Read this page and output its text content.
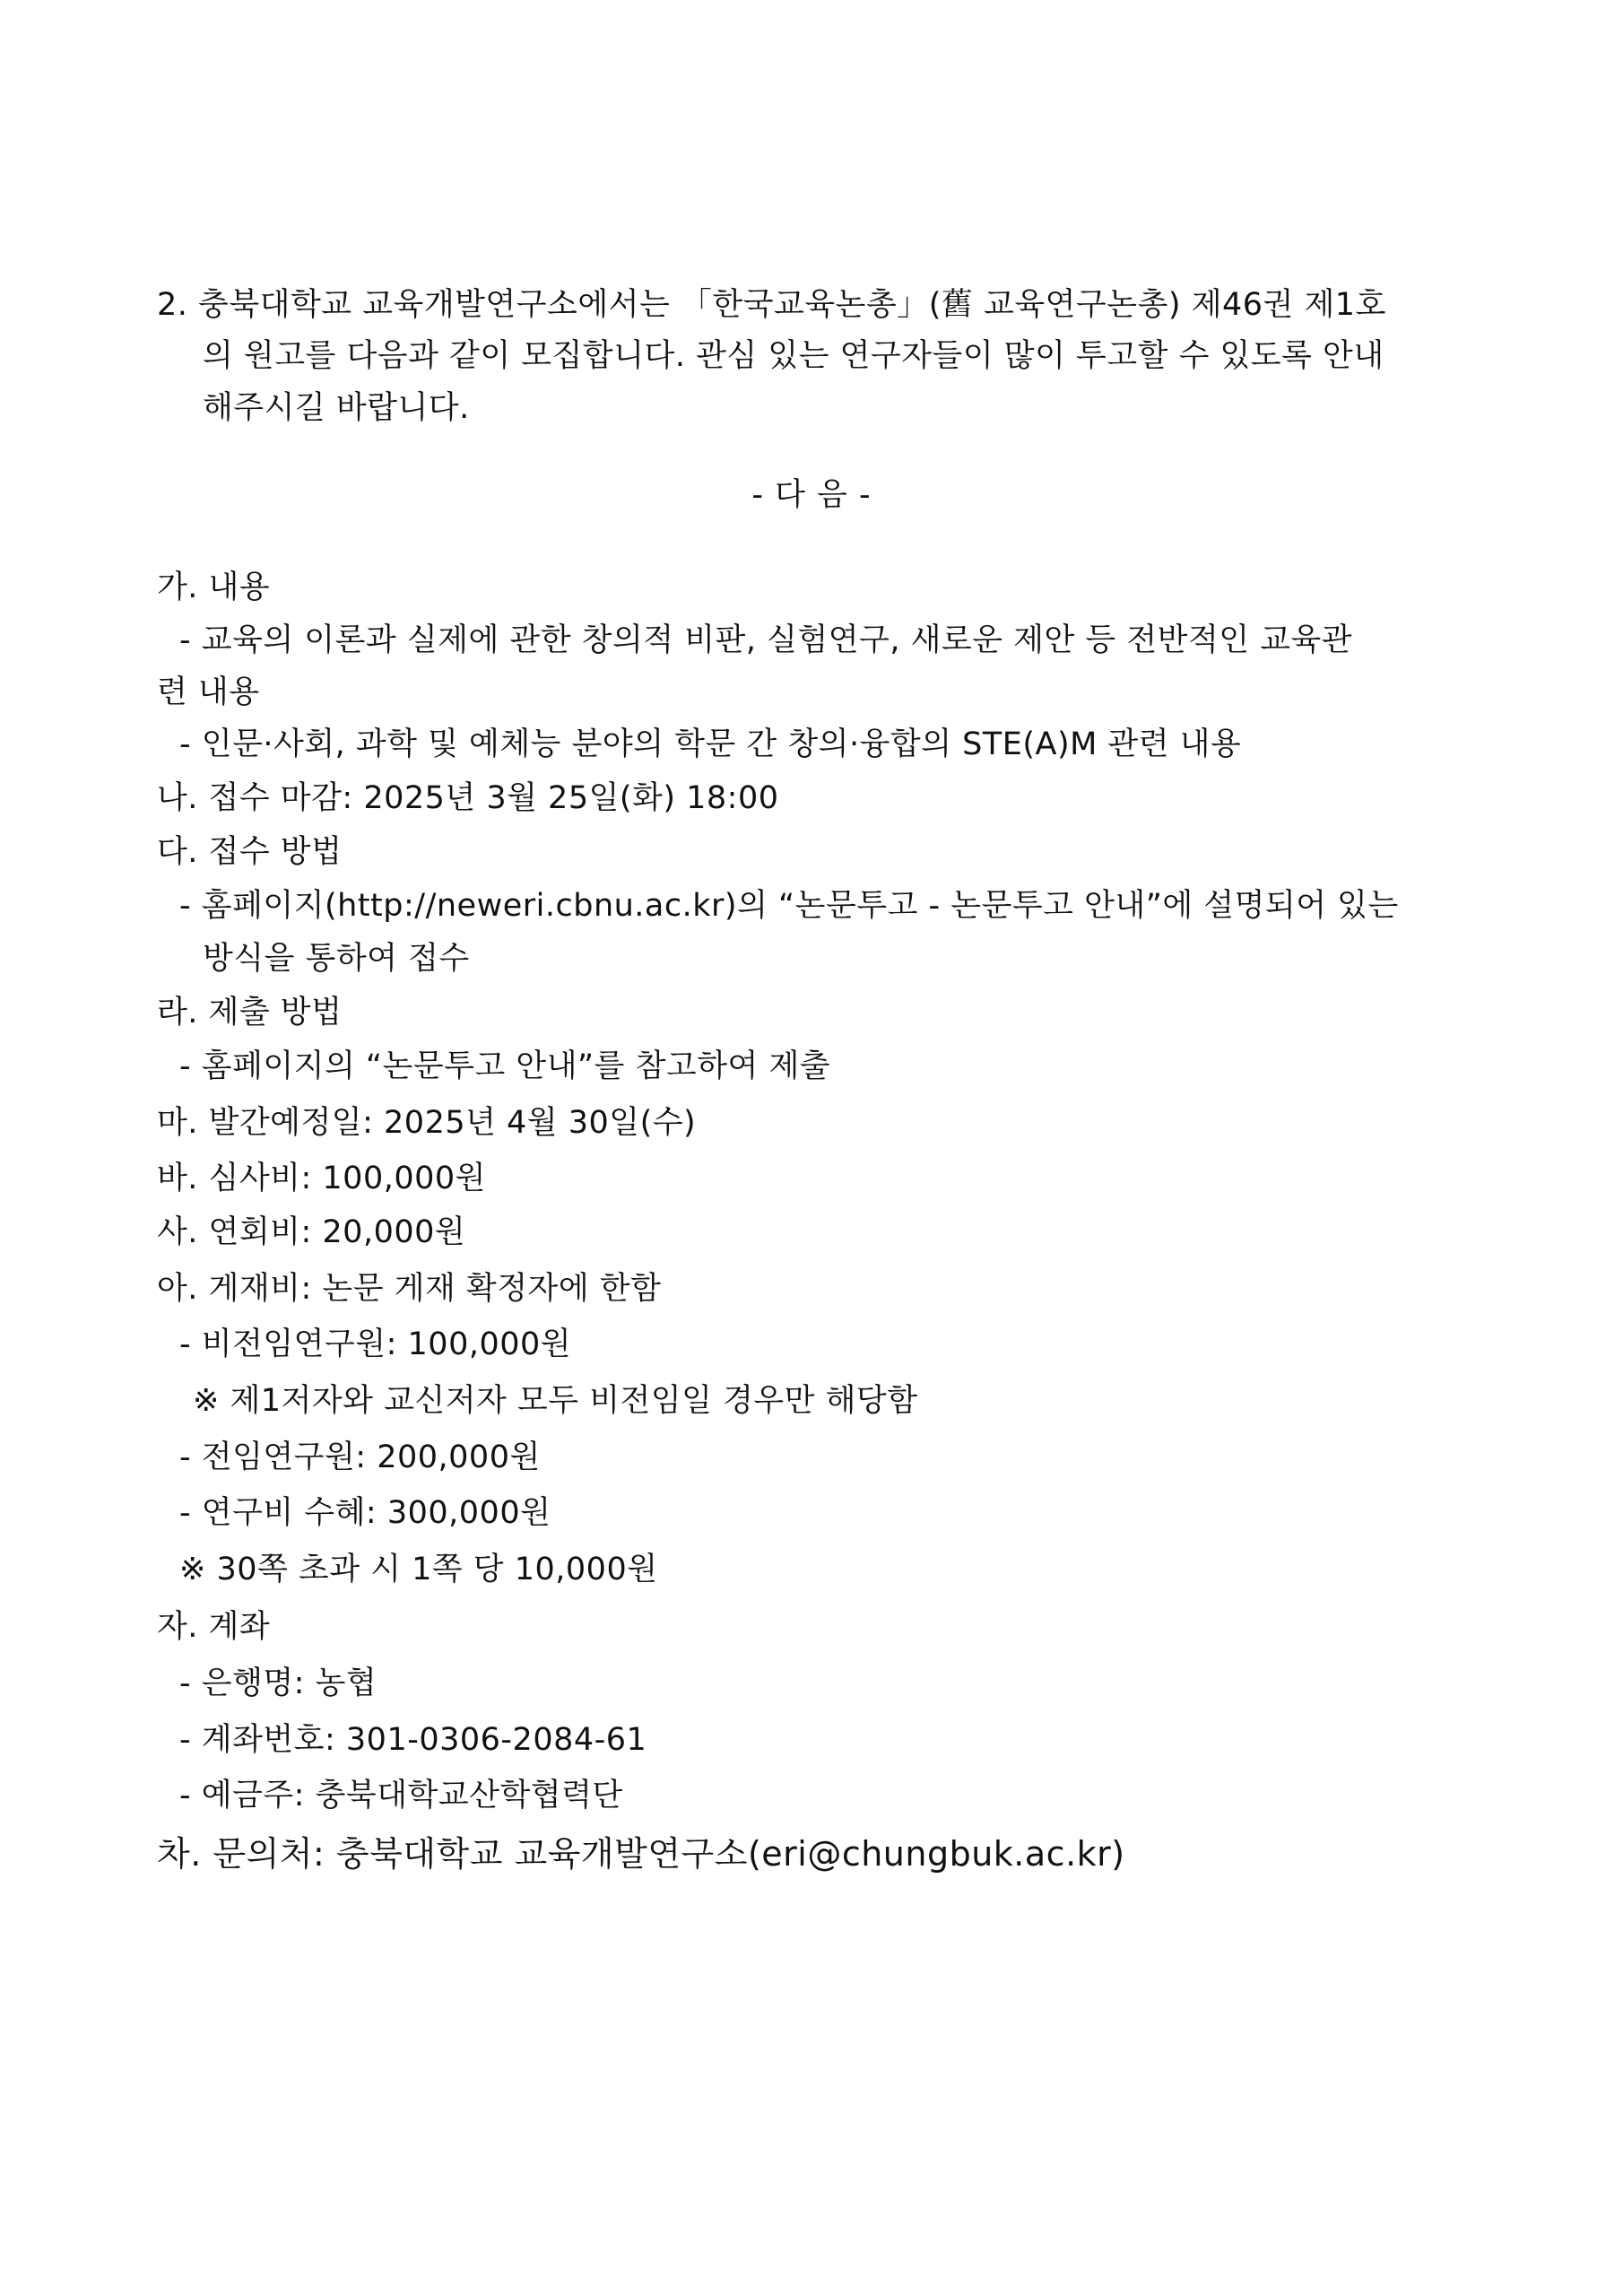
2. 충북대학교 교육개발연구소에서는 「한국교육논총」(舊 교육연구논총) 제46권 제1호
의 원고를 다음과 같이 모집합니다. 관심 있는 연구자들이 많이 투고할 수 있도록 안내
해주시길 바랍니다.
- 다 음 -
가. 내용
- 교육의 이론과 실제에 관한 창의적 비판, 실험연구, 새로운 제안 등 전반적인 교육관
련 내용
- 인문·사회, 과학 및 예체능 분야의 학문 간 창의·융합의 STE(A)M 관련 내용
나. 접수 마감: 2025년 3월 25일(화) 18:00
다. 접수 방법
- 홈페이지(http://neweri.cbnu.ac.kr)의 “논문투고 - 논문투고 안내”에 설명되어 있는
방식을 통하여 접수
라. 제출 방법
- 홈페이지의 “논문투고 안내”를 참고하여 제출
마. 발간예정일: 2025년 4월 30일(수)
바. 심사비: 100,000원
사. 연회비: 20,000원
아. 게재비: 논문 게재 확정자에 한함
- 비전임연구원: 100,000원
※ 제1저자와 교신저자 모두 비전임일 경우만 해당함
- 전임연구원: 200,000원
- 연구비 수혜: 300,000원
※ 30쪽 초과 시 1쪽 당 10,000원
자. 계좌
- 은행명: 농협
- 계좌번호: 301-0306-2084-61
- 예금주: 충북대학교산학협력단
차. 문의처: 충북대학교 교육개발연구소(eri@chungbuk.ac.kr)
